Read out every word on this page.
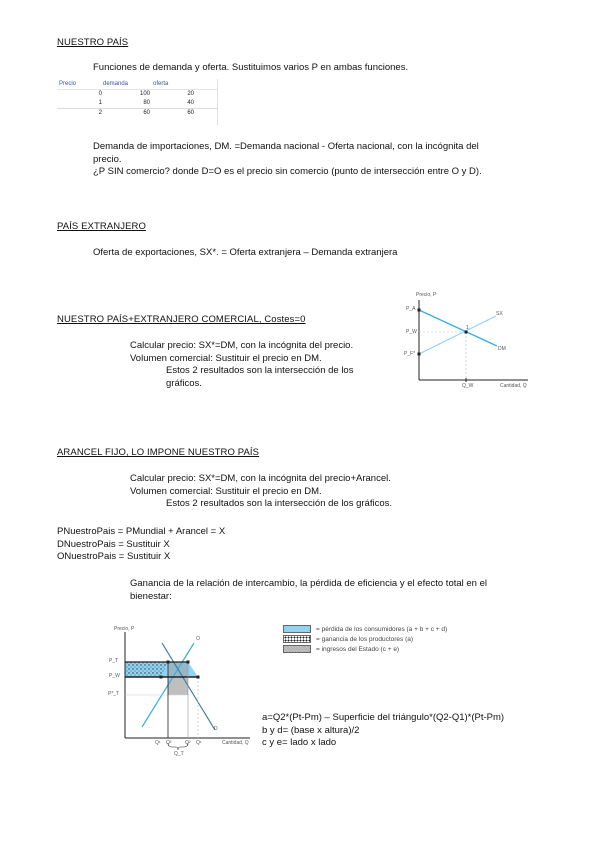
NUESTRO PAÍS
Funciones de demanda y oferta. Sustituimos varios P en ambas funciones.
Precio	demanda	oferta
0	100	20
1	80	40
2	60	60
Demanda de importaciones, DM. =Demanda nacional - Oferta nacional, con la incógnita del
precio.
¿P SIN comercio? donde D=O es el precio sin comercio (punto de intersección entre O y D).
PAÍS EXTRANJERO
Oferta de exportaciones, SX*. = Oferta extranjera – Demanda extranjera
NUESTRO PAÍS+EXTRANJERO COMERCIAL, Costes=0
Calcular precio: SX*=DM, con la incógnita del precio.
Volumen comercial: Sustituir el precio en DM.
Estos 2 resultados son la intersección de los
gráficos.
Precio, P
P_A
P_W
P_F*
SX
DM
1
Q_W	Cantidad, Q
ARANCEL FIJO, LO IMPONE NUESTRO PAÍS
Calcular precio: SX*=DM, con la incógnita del precio+Arancel.
Volumen comercial: Sustituir el precio en DM.
Estos 2 resultados son la intersección de los gráficos.
PNuestroPais = PMundial + Arancel = X
DNuestroPais = Sustituir X
ONuestroPais = Sustituir X
Ganancia de la relación de intercambio, la pérdida de eficiencia y el efecto total en el
bienestar:
= pérdida de los consumidores (a + b + c + d)
= ganancia de los productores (a)
= ingresos del Estado (c + e)
Precio, P
P_T
P_W
P*_T
O
D
Q¹ Q²	Q² Q¹
Q_T
Cantidad, Q
a=Q2*(Pt-Pm) – Superficie del triángulo*(Q2-Q1)*(Pt-Pm)
b y d= (base x altura)/2
c y e= lado x lado
